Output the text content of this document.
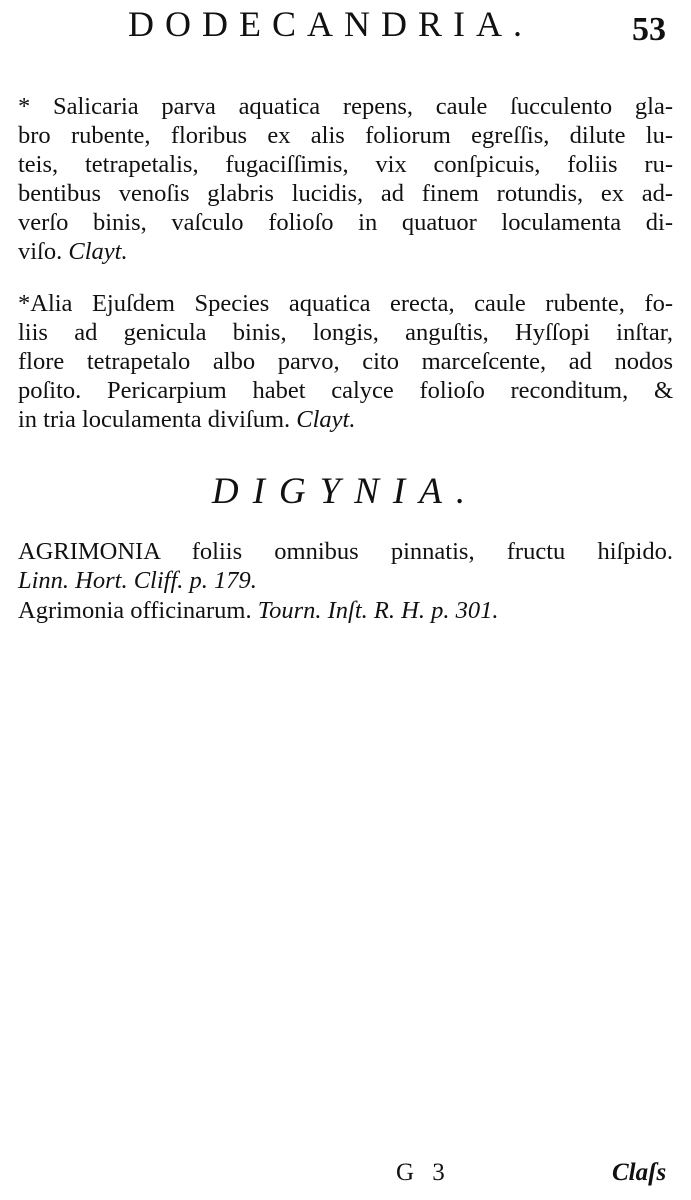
DODECANDRIA.	53
* Salicaria parva aquatica repens, caule ſucculento gla-
bro rubente, floribus ex alis foliorum egreſſis, dilute lu-
teis, tetrapetalis, fugaciſſimis, vix conſpicuis, foliis ru-
bentibus venoſis glabris lucidis, ad finem rotundis, ex ad-
verſo binis, vaſculo folioſo in quatuor loculamenta di-
viſo. Clayt.
*Alia Ejuſdem Species aquatica erecta, caule rubente, fo-
liis ad genicula binis, longis, anguſtis, Hyſſopi inſtar,
flore tetrapetalo albo parvo, cito marceſcente, ad nodos
poſito. Pericarpium habet calyce folioſo reconditum, &
in tria loculamenta diviſum. Clayt.
DIGYNIA.
AGRIMONIA foliis omnibus pinnatis, fructu hiſpido.
Linn. Hort. Cliff. p. 179.
Agrimonia officinarum. Tourn. Inſt. R. H. p. 301.
G 3	Claſs
